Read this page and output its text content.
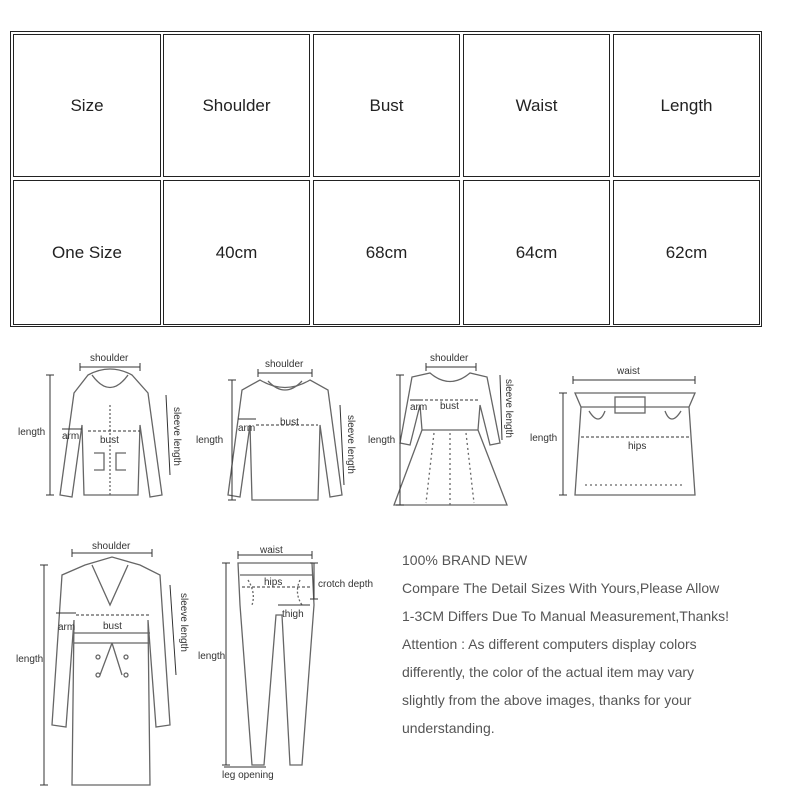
Size	Shoulder	Bust	Waist	Length
One Size	40cm	68cm	64cm	62cm
shoulder
length arm bust	sleeve length
shoulder
length
arm
bust	sleeve length
shoulder
length
arm bust	sleeve length
waist
length
hips
shoulder
length
arm	bust	sleeve length
waist
hips	crotch depth
thigh
length
leg opening
100% BRAND NEW
Compare The Detail Sizes With Yours,Please Allow
1-3CM Differs Due To Manual Measurement,Thanks!
Attention : As different computers display colors
differently, the color of the actual item may vary
slightly from the above images, thanks for your
understanding.
